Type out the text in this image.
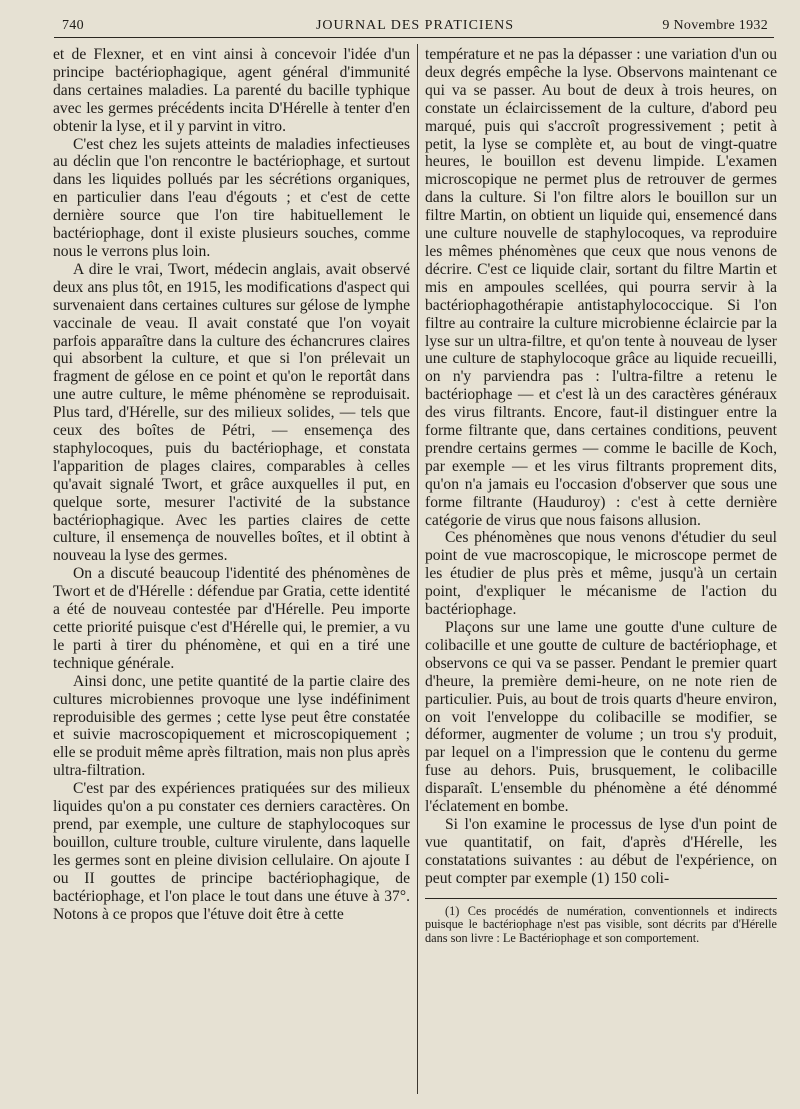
740	JOURNAL DES PRATICIENS	9 Novembre 1932

et de Flexner, et en vint ainsi à concevoir l'idée d'un principe bactériophagique, agent général d'immunité dans certaines maladies. La parenté du bacille typhique avec les germes précédents incita D'Hérelle à tenter d'en obtenir la lyse, et il y parvint in vitro.

C'est chez les sujets atteints de maladies infectieuses au déclin que l'on rencontre le bactériophage, et surtout dans les liquides pollués par les sécrétions organiques, en particulier dans l'eau d'égouts ; et c'est de cette dernière source que l'on tire habituellement le bactériophage, dont il existe plusieurs souches, comme nous le verrons plus loin.

A dire le vrai, Twort, médecin anglais, avait observé deux ans plus tôt, en 1915, les modifications d'aspect qui survenaient dans certaines cultures sur gélose de lymphe vaccinale de veau. Il avait constaté que l'on voyait parfois apparaître dans la culture des échancrures claires qui absorbent la culture, et que si l'on prélevait un fragment de gélose en ce point et qu'on le reportât dans une autre culture, le même phénomène se reproduisait. Plus tard, d'Hérelle, sur des milieux solides, — tels que ceux des boîtes de Pétri, — ensemença des staphylocoques, puis du bactériophage, et constata l'apparition de plages claires, comparables à celles qu'avait signalé Twort, et grâce auxquelles il put, en quelque sorte, mesurer l'activité de la substance bactériophagique. Avec les parties claires de cette culture, il ensemença de nouvelles boîtes, et il obtint à nouveau la lyse des germes.

On a discuté beaucoup l'identité des phénomènes de Twort et de d'Hérelle : défendue par Gratia, cette identité a été de nouveau contestée par d'Hérelle. Peu importe cette priorité puisque c'est d'Hérelle qui, le premier, a vu le parti à tirer du phénomène, et qui en a tiré une technique générale.

Ainsi donc, une petite quantité de la partie claire des cultures microbiennes provoque une lyse indéfiniment reproduisible des germes ; cette lyse peut être constatée et suivie macroscopiquement et microscopiquement ; elle se produit même après filtration, mais non plus après ultra-filtration.

C'est par des expériences pratiquées sur des milieux liquides qu'on a pu constater ces derniers caractères. On prend, par exemple, une culture de staphylocoques sur bouillon, culture trouble, culture virulente, dans laquelle les germes sont en pleine division cellulaire. On ajoute I ou II gouttes de principe bactériophagique, de bactériophage, et l'on place le tout dans une étuve à 37°. Notons à ce propos que l'étuve doit être à cette

température et ne pas la dépasser : une variation d'un ou deux degrés empêche la lyse. Observons maintenant ce qui va se passer. Au bout de deux à trois heures, on constate un éclaircissement de la culture, d'abord peu marqué, puis qui s'accroît progressivement ; petit à petit, la lyse se complète et, au bout de vingt-quatre heures, le bouillon est devenu limpide. L'examen microscopique ne permet plus de retrouver de germes dans la culture. Si l'on filtre alors le bouillon sur un filtre Martin, on obtient un liquide qui, ensemencé dans une culture nouvelle de staphylocoques, va reproduire les mêmes phénomènes que ceux que nous venons de décrire. C'est ce liquide clair, sortant du filtre Martin et mis en ampoules scellées, qui pourra servir à la bactériophagothérapie antistaphylococcique. Si l'on filtre au contraire la culture microbienne éclaircie par la lyse sur un ultra-filtre, et qu'on tente à nouveau de lyser une culture de staphylocoque grâce au liquide recueilli, on n'y parviendra pas : l'ultra-filtre a retenu le bactériophage — et c'est là un des caractères généraux des virus filtrants. Encore, faut-il distinguer entre la forme filtrante que, dans certaines conditions, peuvent prendre certains germes — comme le bacille de Koch, par exemple — et les virus filtrants proprement dits, qu'on n'a jamais eu l'occasion d'observer que sous une forme filtrante (Hauduroy) : c'est à cette dernière catégorie de virus que nous faisons allusion.

Ces phénomènes que nous venons d'étudier du seul point de vue macroscopique, le microscope permet de les étudier de plus près et même, jusqu'à un certain point, d'expliquer le mécanisme de l'action du bactériophage.

Plaçons sur une lame une goutte d'une culture de colibacille et une goutte de culture de bactériophage, et observons ce qui va se passer. Pendant le premier quart d'heure, la première demi-heure, on ne note rien de particulier. Puis, au bout de trois quarts d'heure environ, on voit l'enveloppe du colibacille se modifier, se déformer, augmenter de volume ; un trou s'y produit, par lequel on a l'impression que le contenu du germe fuse au dehors. Puis, brusquement, le colibacille disparaît. L'ensemble du phénomène a été dénommé l'éclatement en bombe.

Si l'on examine le processus de lyse d'un point de vue quantitatif, on fait, d'après d'Hérelle, les constatations suivantes : au début de l'expérience, on peut compter par exemple (1) 150 coli-

(1) Ces procédés de numération, conventionnels et indirects puisque le bactériophage n'est pas visible, sont décrits par d'Hérelle dans son livre : Le Bactériophage et son comportement.
